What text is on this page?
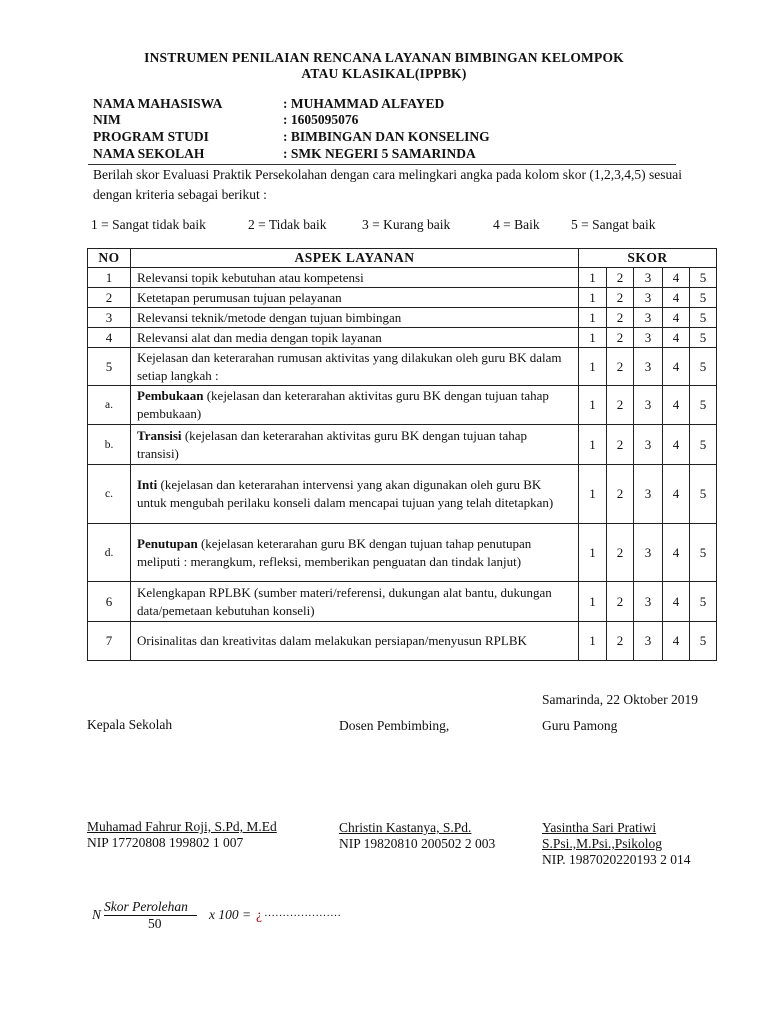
INSTRUMEN PENILAIAN RENCANA LAYANAN BIMBINGAN KELOMPOK
ATAU KLASIKAL(IPPBK)
NAMA MAHASISWA	: MUHAMMAD ALFAYED
NIM	: 1605095076
PROGRAM STUDI	: BIMBINGAN DAN KONSELING
NAMA SEKOLAH	: SMK NEGERI 5 SAMARINDA
Berilah skor Evaluasi Praktik Persekolahan dengan cara melingkari angka pada kolom skor (1,2,3,4,5) sesuai dengan kriteria sebagai berikut :
1 = Sangat tidak baik	2 = Tidak baik	3 = Kurang baik	4 = Baik 5 = Sangat baik
NO	ASPEK LAYANAN	SKOR				
1	Relevansi topik kebutuhan atau kompetensi	1	2	3	4	5
2	Ketetapan perumusan tujuan pelayanan	1	2	3	4	5
3	Relevansi teknik/metode dengan tujuan bimbingan	1	2	3	4	5
4	Relevansi alat dan media dengan topik layanan	1	2	3	4	5
5	Kejelasan dan keterarahan rumusan aktivitas yang dilakukan oleh guru BK dalam setiap langkah :	1	2	3	4	5
a.	Pembukaan (kejelasan dan keterarahan aktivitas guru BK dengan tujuan tahap pembukaan)	1	2	3	4	5
b.	Transisi (kejelasan dan keterarahan aktivitas guru BK dengan tujuan tahap transisi)	1	2	3	4	5
c.	Inti (kejelasan dan keterarahan intervensi yang akan digunakan oleh guru BK untuk mengubah perilaku konseli dalam mencapai tujuan yang telah ditetapkan)	1	2	3	4	5
d.	Penutupan (kejelasan keterarahan guru BK dengan tujuan tahap penutupan meliputi : merangkum, refleksi, memberikan penguatan dan tindak lanjut)	1	2	3	4	5
6	Kelengkapan RPLBK (sumber materi/referensi, dukungan alat bantu, dukungan data/pemetaan kebutuhan konseli)	1	2	3	4	5
7	Orisinalitas dan kreativitas dalam melakukan persiapan/menyusun RPLBK	1	2	3	4	5
Samarinda, 22 Oktober 2019
Kepala Sekolah
Muhamad Fahrur Roji, S.Pd, M.Ed
NIP 17720808 199802 1 007
Dosen Pembimbing,
Christin Kastanya, S.Pd.
NIP 19820810 200502 2 003
Guru Pamong
Yasintha Sari Pratiwi
S.Psi.,M.Psi.,Psikolog
NIP. 1987020220193 2 014
N
Skor Perolehan
50
x 100 = ¿ …………………
